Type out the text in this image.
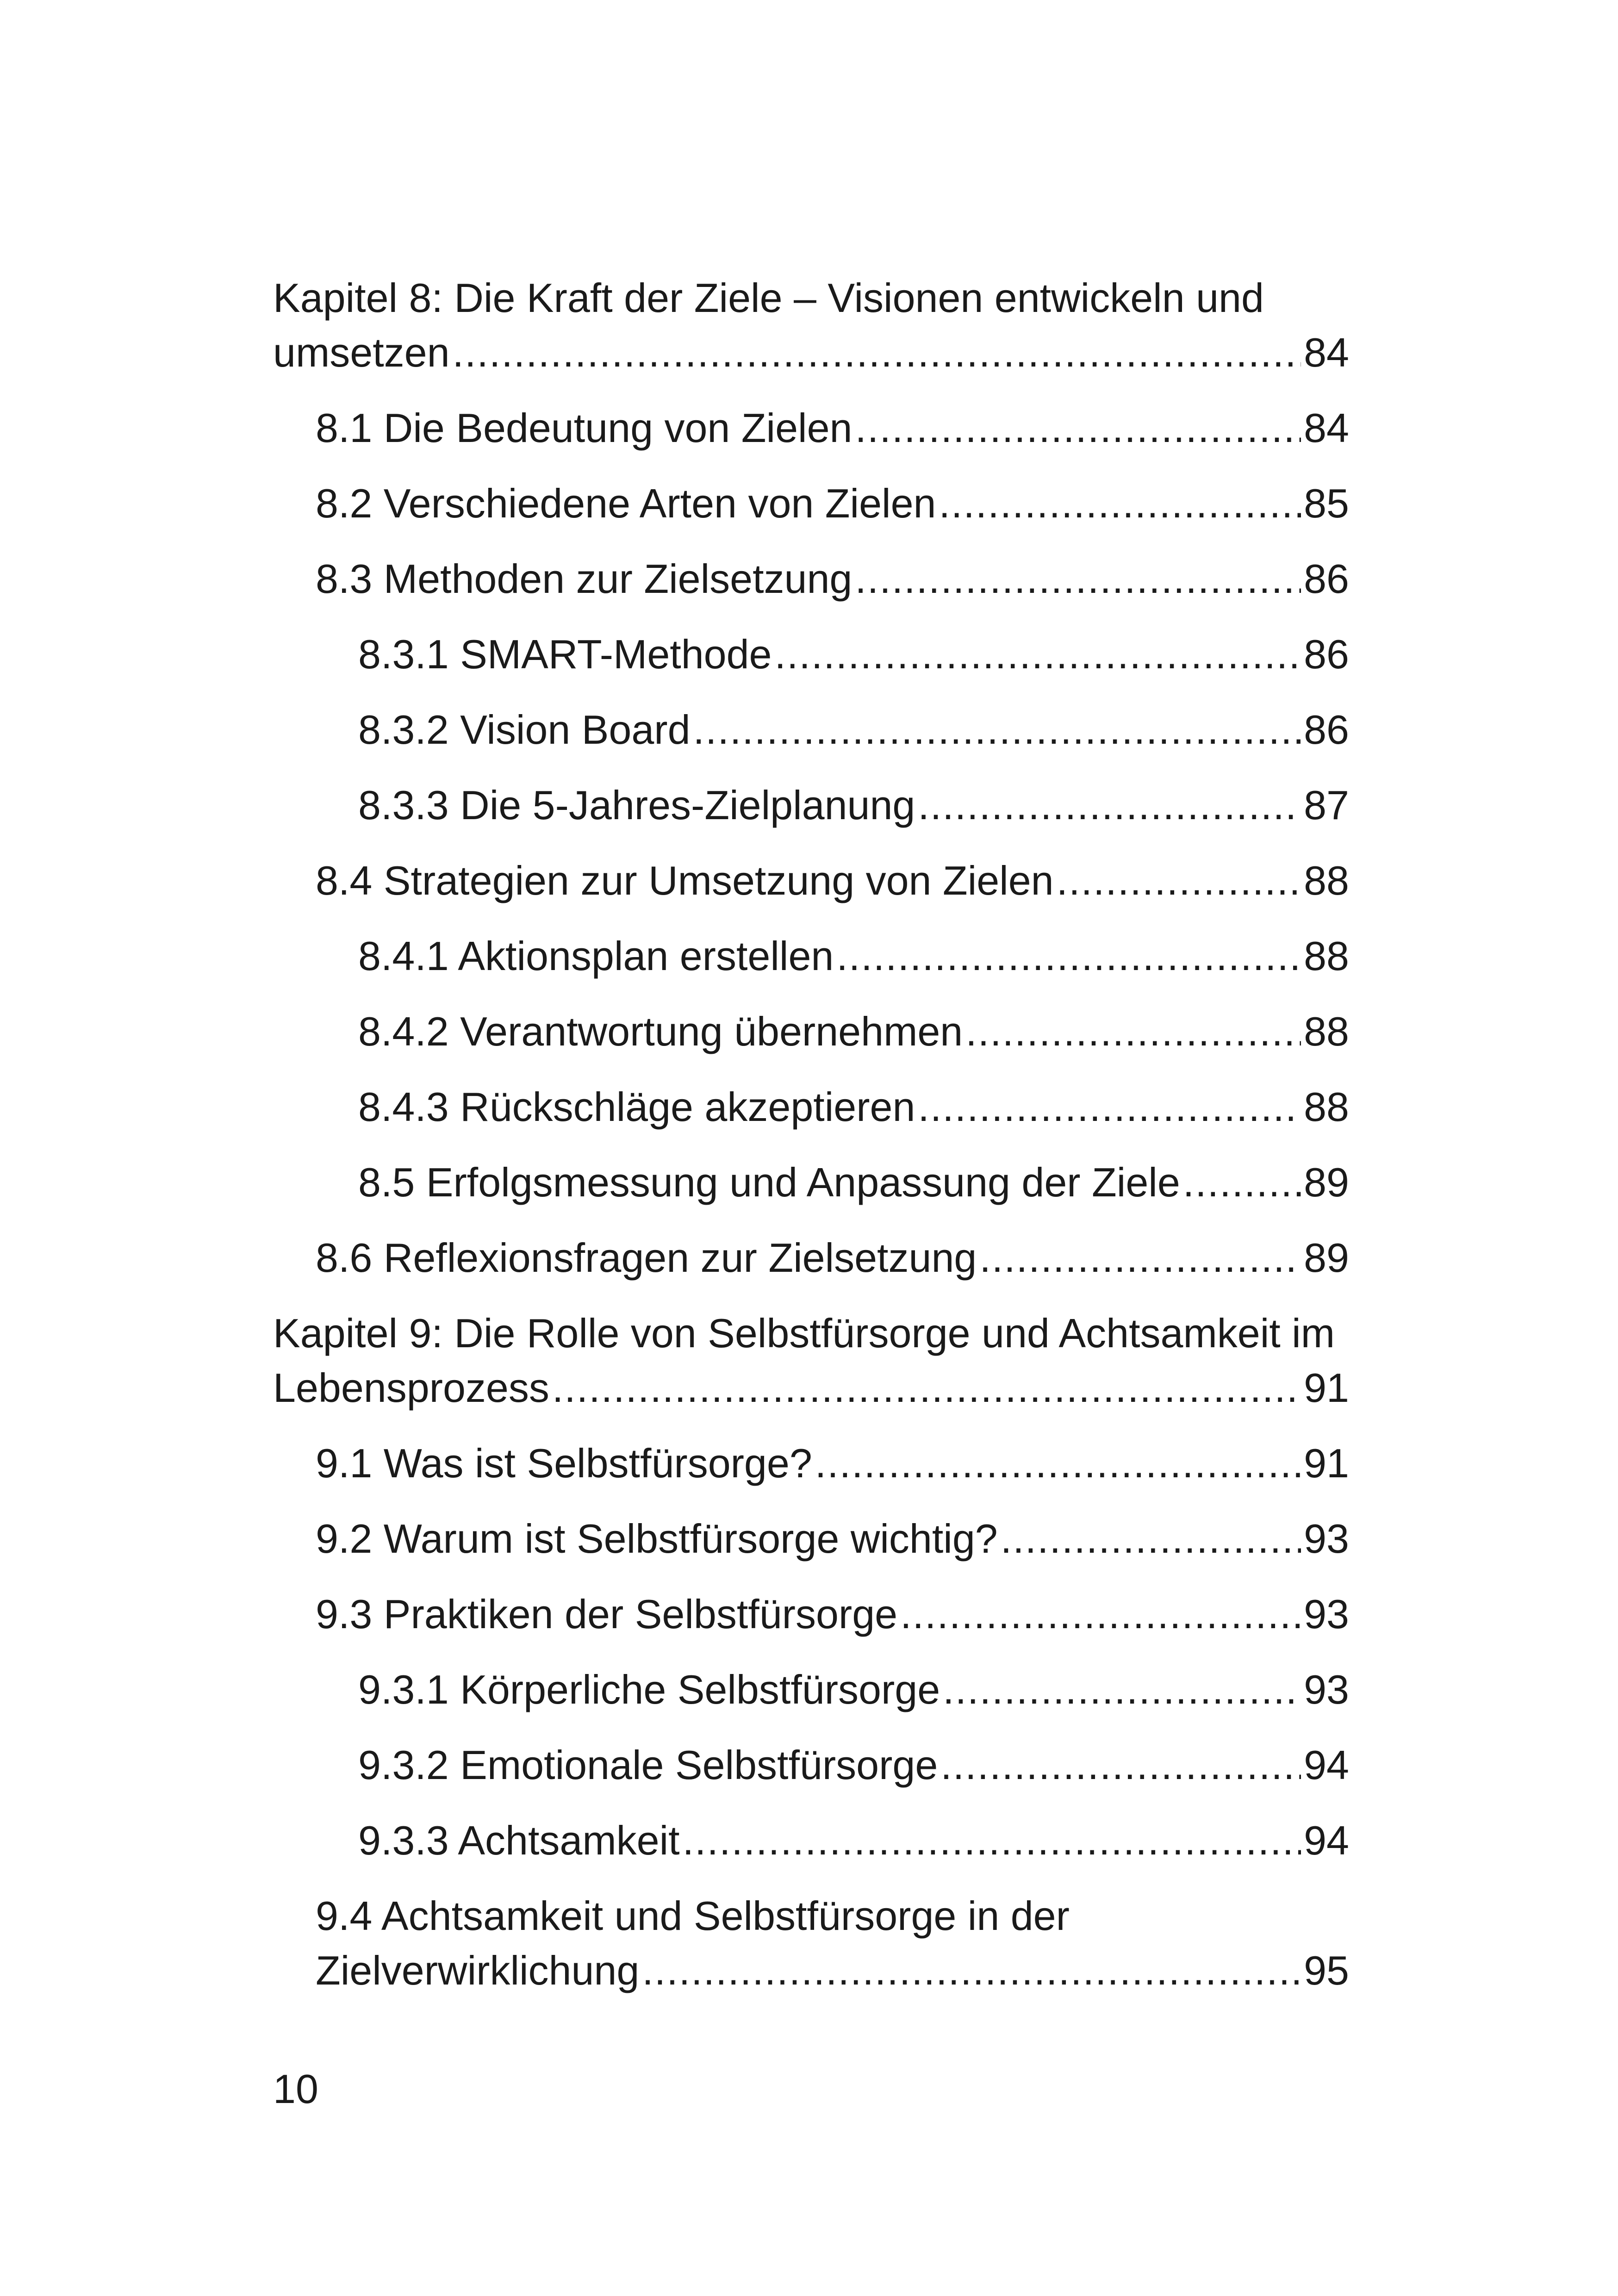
Kapitel 8: Die Kraft der Ziele – Visionen entwickeln und
umsetzen .....	84
8.1 Die Bedeutung von Zielen .....	84
8.2 Verschiedene Arten von Zielen .....	85
8.3 Methoden zur Zielsetzung .....	86
8.3.1 SMART-Methode .....	86
8.3.2 Vision Board .....	86
8.3.3 Die 5-Jahres-Zielplanung .....	87
8.4 Strategien zur Umsetzung von Zielen .....	88
8.4.1 Aktionsplan erstellen .....	88
8.4.2 Verantwortung übernehmen .....	88
8.4.3 Rückschläge akzeptieren .....	88
8.5 Erfolgsmessung und Anpassung der Ziele .....	89
8.6 Reflexionsfragen zur Zielsetzung .....	89
Kapitel 9: Die Rolle von Selbstfürsorge und Achtsamkeit im
Lebensprozess .....	91
9.1 Was ist Selbstfürsorge? .....	91
9.2 Warum ist Selbstfürsorge wichtig? .....	93
9.3 Praktiken der Selbstfürsorge .....	93
9.3.1 Körperliche Selbstfürsorge .....	93
9.3.2 Emotionale Selbstfürsorge .....	94
9.3.3 Achtsamkeit .....	94
9.4 Achtsamkeit und Selbstfürsorge in der
Zielverwirklichung .....	95
10
